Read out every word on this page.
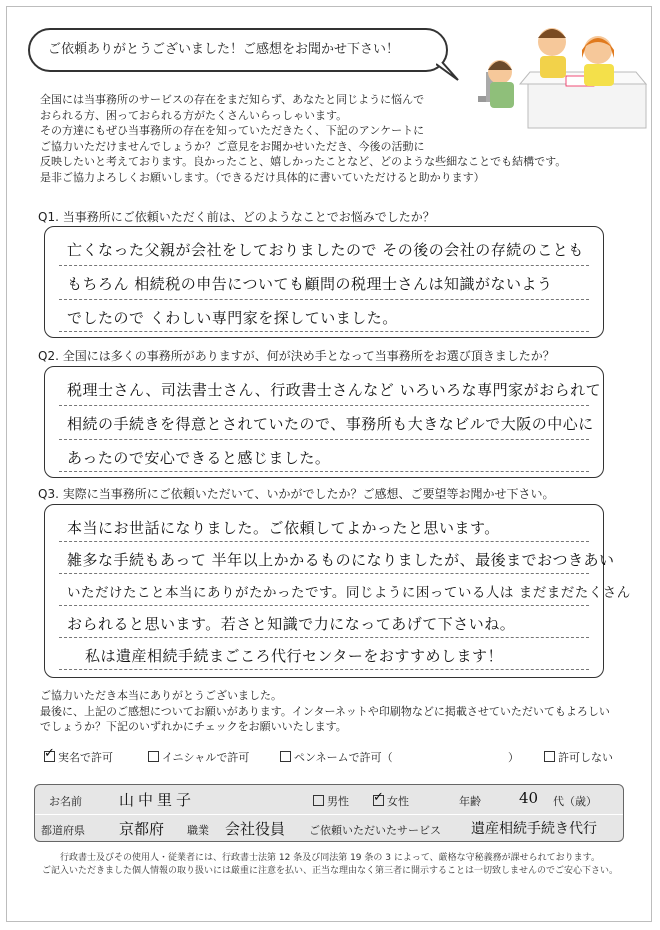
ご依頼ありがとうございました！ご感想をお聞かせ下さい！
全国には当事務所のサービスの存在をまだ知らず、あなたと同じように悩んで
おられる方、困っておられる方がたくさんいらっしゃいます。
その方達にもぜひ当事務所の存在を知っていただきたく、下記のアンケートに
ご協力いただけませんでしょうか？ご意見をお聞かせいただき、今後の活動に
反映したいと考えております。良かったこと、嬉しかったことなど、どのような些細なことでも結構です。
是非ご協力よろしくお願いします。（できるだけ具体的に書いていただけると助かります）
Q1. 当事務所にご依頼いただく前は、どのようなことでお悩みでしたか？
亡くなった父親が会社をしておりましたので その後の会社の存続のことも
もちろん 相続税の申告についても顧問の税理士さんは知識がないよう
でしたので くわしい専門家を探していました。
Q2. 全国には多くの事務所がありますが、何が決め手となって当事務所をお選び頂きましたか？
税理士さん、司法書士さん、行政書士さんなど いろいろな専門家がおられて
相続の手続きを得意とされていたので、事務所も大きなビルで大阪の中心に
あったので安心できると感じました。
Q3. 実際に当事務所にご依頼いただいて、いかがでしたか？ご感想、ご要望等お聞かせ下さい。
本当にお世話になりました。ご依頼してよかったと思います。
雑多な手続もあって 半年以上かかるものになりましたが、最後までおつきあい
いただけたこと本当にありがたかったです。同じように困っている人は まだまだたくさん
おられると思います。若さと知識で力になってあげて下さいね。
私は遺産相続手続まごころ代行センターをおすすめします！
ご協力いただき本当にありがとうございました。
最後に、上記のご感想についてお願いがあります。インターネットや印刷物などに掲載させていただいてもよろしい
でしょうか？下記のいずれかにチェックをお願いいたします。
✓実名で許可	イニシャルで許可	ペンネームで許可（	）	許可しない
お名前 山中里子	男性
✓	女性	年齢	40 代（歳）
都道府県 京都府 職業 会社役員 ご依頼いただいたサービス 遺産相続手続き代行
行政書士及びその使用人・従業者には、行政書士法第 12 条及び同法第 19 条の 3 によって、厳格な守秘義務が課せられております。
ご記入いただきました個人情報の取り扱いには厳重に注意を払い、正当な理由なく第三者に開示することは一切致しませんのでご安心下さい。
